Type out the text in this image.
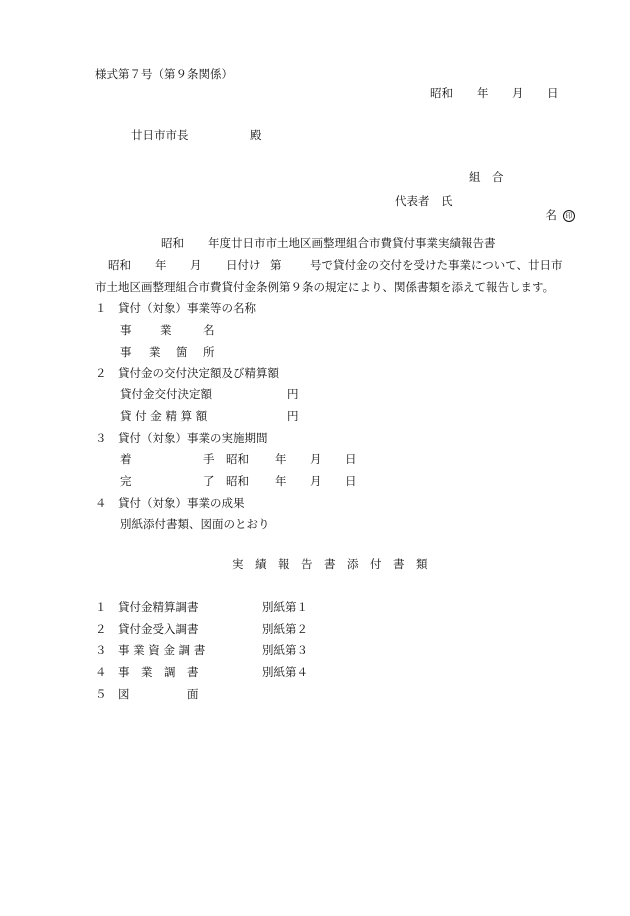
様式第７号（第９条関係）
昭和 年 月 日
廿日市市長	殿
組　合
代表者　氏

名 印

昭和 年度廿日市市土地区画整理組合市費貸付事業実績報告書
昭和 年 月 日付け 第 号で貸付金の交付を受けた事業について、廿日市
市土地区画整理組合市費貸付金条例第９条の規定により、関係書類を添えて報告します。
１ 貸付（対象）事業等の名称
事 業	名
事 業 箇 所
２ 貸付金の交付決定額及び精算額
貸付金交付決定額	円
貸 付 金 精 算 額	円
３ 貸付（対象）事業の実施期間
着	手 昭和 年 月 日
完	了 昭和 年 月 日
４ 貸付（対象）事業の成果
別紙添付書類、図面のとおり
実　績　報　告　書　添　付　書　類
１ 貸付金精算調書	別紙第１
２ 貸付金受入調書	別紙第２
３ 事 業 資 金 調 書	別紙第３
４ 事　業　調　書	別紙第４
５ 図　　　　　面
